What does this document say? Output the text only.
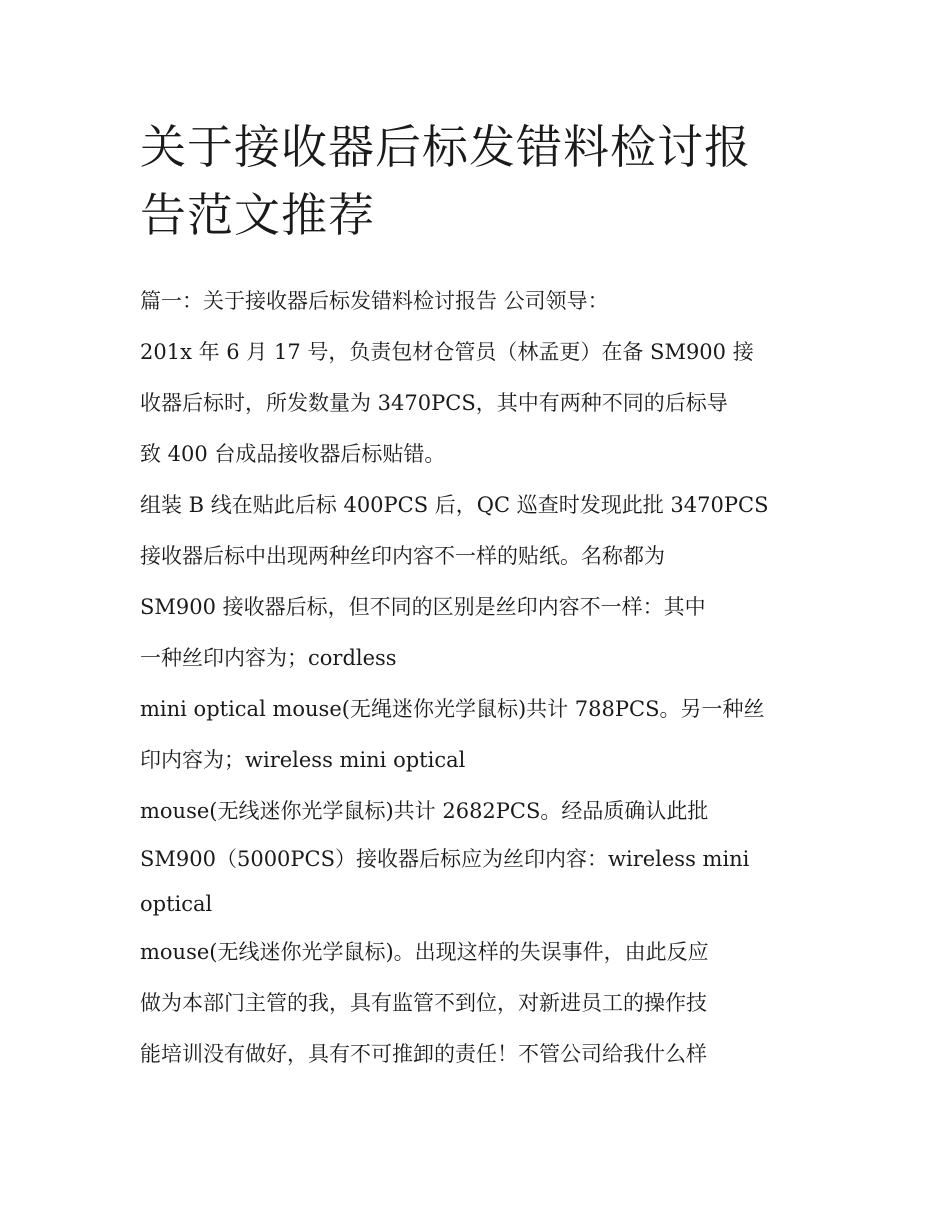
关于接收器后标发错料检讨报
告范文推荐
篇一：关于接收器后标发错料检讨报告 公司领导：
201x 年 6 月 17 号，负责包材仓管员（林孟更）在备 SM900 接
收器后标时，所发数量为 3470PCS，其中有两种不同的后标导
致 400 台成品接收器后标贴错。
组装 B 线在贴此后标 400PCS 后，QC 巡查时发现此批 3470PCS
接收器后标中出现两种丝印内容不一样的贴纸。名称都为
SM900 接收器后标，但不同的区别是丝印内容不一样：其中
一种丝印内容为；cordless
mini optical mouse(无绳迷你光学鼠标)共计 788PCS。另一种丝
印内容为；wireless mini optical
mouse(无线迷你光学鼠标)共计 2682PCS。经品质确认此批
SM900（5000PCS）接收器后标应为丝印内容：wireless mini
optical
mouse(无线迷你光学鼠标)。出现这样的失误事件，由此反应
做为本部门主管的我，具有监管不到位，对新进员工的操作技
能培训没有做好，具有不可推卸的责任！不管公司给我什么样
